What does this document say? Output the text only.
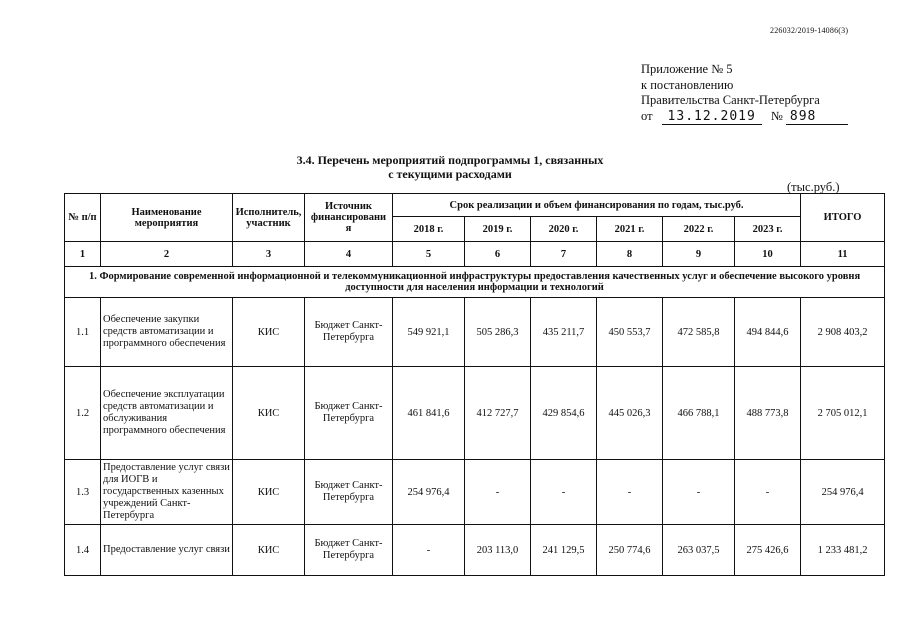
226032/2019-14086(3)
Приложение № 5
к постановлению
Правительства Санкт-Петербурга
от 13.12.2019 № 898
3.4. Перечень мероприятий подпрограммы 1, связанных
с текущими расходами
(тыс.руб.)
№ п/п	Наименование мероприятия	Исполнитель, участник	Источник финансировани я	Срок реализации и объем финансирования по годам, тыс.руб.						ИТОГО
				2018 г.	2019 г.	2020 г.	2021 г.	2022 г.	2023 г.	
1	2	3	4	5	6	7	8	9	10	11
1. Формирование современной информационной и телекоммуникационной инфраструктуры предоставления качественных услуг и обеспечение высокого уровня доступности для населения информации и технологий										
1.1	Обеспечение закупки средств автоматизации и программного обеспечения	КИС	Бюджет Санкт-Петербурга	549 921,1	505 286,3	435 211,7	450 553,7	472 585,8	494 844,6	2 908 403,2
1.2	Обеспечение эксплуатации средств автоматизации и обслуживания программного обеспечения	КИС	Бюджет Санкт-Петербурга	461 841,6	412 727,7	429 854,6	445 026,3	466 788,1	488 773,8	2 705 012,1
1.3	Предоставление услуг связи для ИОГВ и государственных казенных учреждений Санкт-Петербурга	КИС	Бюджет Санкт-Петербурга	254 976,4	-	-	-	-	-	254 976,4
1.4	Предоставление услуг связи	КИС	Бюджет Санкт-Петербурга	-	203 113,0	241 129,5	250 774,6	263 037,5	275 426,6	1 233 481,2
